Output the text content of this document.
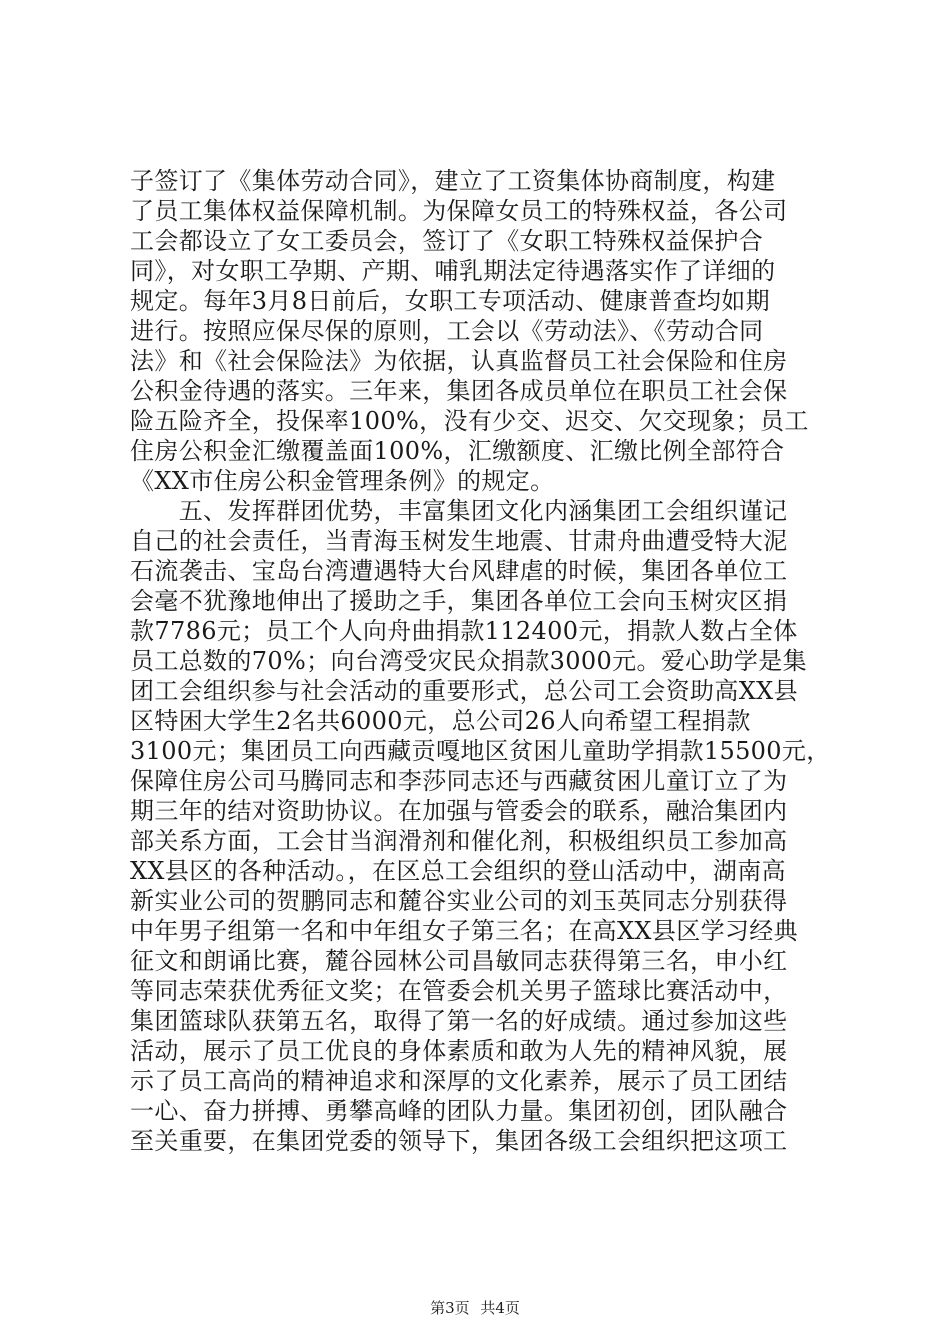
子签订了《集体劳动合同》，建立了工资集体协商制度，构建
了员工集体权益保障机制。为保障女员工的特殊权益，各公司
工会都设立了女工委员会，签订了《女职工特殊权益保护合
同》，对女职工孕期、产期、哺乳期法定待遇落实作了详细的
规定。每年3月8日前后，女职工专项活动、健康普查均如期
进行。按照应保尽保的原则，工会以《劳动法》、《劳动合同
法》和《社会保险法》为依据，认真监督员工社会保险和住房
公积金待遇的落实。三年来，集团各成员单位在职员工社会保
险五险齐全，投保率100%，没有少交、迟交、欠交现象；员工
住房公积金汇缴覆盖面100%，汇缴额度、汇缴比例全部符合
《XX市住房公积金管理条例》的规定。
　　五、发挥群团优势，丰富集团文化内涵集团工会组织谨记
自己的社会责任，当青海玉树发生地震、甘肃舟曲遭受特大泥
石流袭击、宝岛台湾遭遇特大台风肆虐的时候，集团各单位工
会毫不犹豫地伸出了援助之手，集团各单位工会向玉树灾区捐
款7786元；员工个人向舟曲捐款112400元，捐款人数占全体
员工总数的70%；向台湾受灾民众捐款3000元。爱心助学是集
团工会组织参与社会活动的重要形式，总公司工会资助高XX县
区特困大学生2名共6000元，总公司26人向希望工程捐款
3100元；集团员工向西藏贡嘎地区贫困儿童助学捐款15500元，
保障住房公司马腾同志和李莎同志还与西藏贫困儿童订立了为
期三年的结对资助协议。在加强与管委会的联系，融洽集团内
部关系方面，工会甘当润滑剂和催化剂，积极组织员工参加高
XX县区的各种活动。，在区总工会组织的登山活动中，湖南高
新实业公司的贺鹏同志和麓谷实业公司的刘玉英同志分别获得
中年男子组第一名和中年组女子第三名；在高XX县区学习经典
征文和朗诵比赛，麓谷园林公司昌敏同志获得第三名，申小红
等同志荣获优秀征文奖；在管委会机关男子篮球比赛活动中，
集团篮球队获第五名，取得了第一名的好成绩。通过参加这些
活动，展示了员工优良的身体素质和敢为人先的精神风貌，展
示了员工高尚的精神追求和深厚的文化素养，展示了员工团结
一心、奋力拼搏、勇攀高峰的团队力量。集团初创，团队融合
至关重要，在集团党委的领导下，集团各级工会组织把这项工
第3页 共4页
